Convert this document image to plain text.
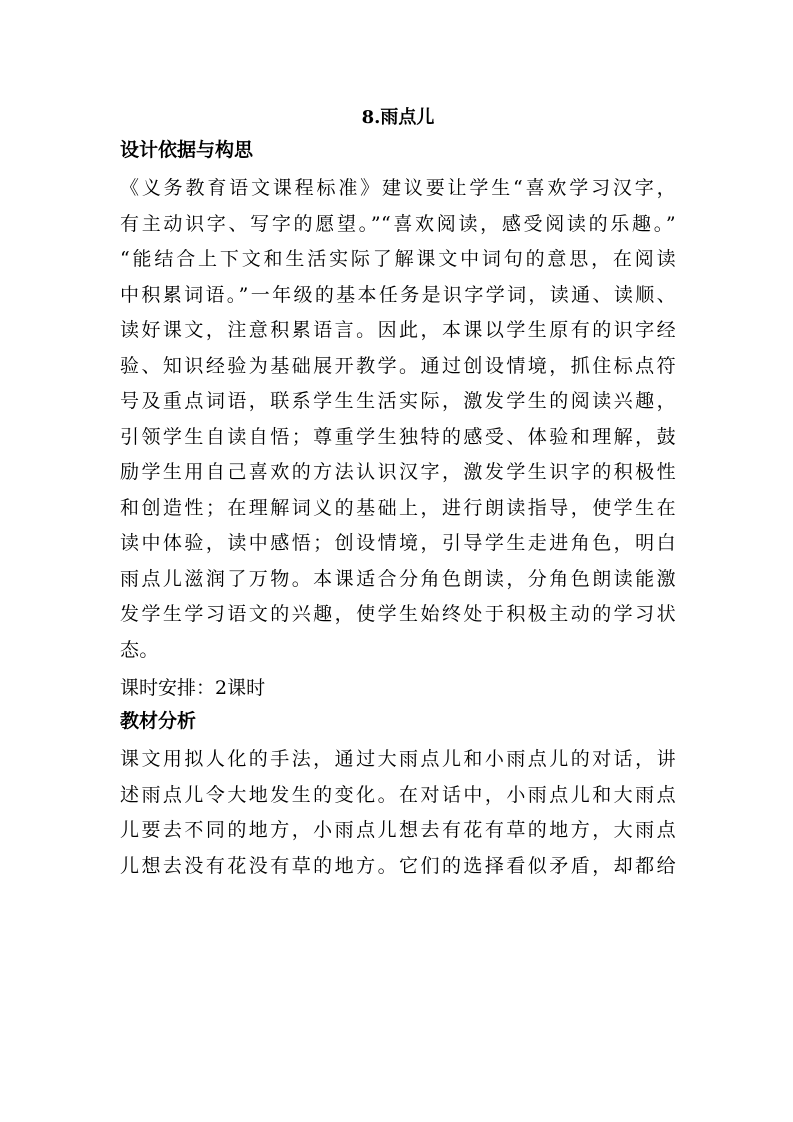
8.雨点儿
设计依据与构思

《义务教育语文课程标准》建议要让学生“喜欢学习汉字，
有主动识字、写字的愿望。”“喜欢阅读，感受阅读的乐趣。”
“能结合上下文和生活实际了解课文中词句的意思，在阅读
中积累词语。”一年级的基本任务是识字学词，读通、读顺、
读好课文，注意积累语言。因此，本课以学生原有的识字经
验、知识经验为基础展开教学。通过创设情境，抓住标点符
号及重点词语，联系学生生活实际，激发学生的阅读兴趣，
引领学生自读自悟；尊重学生独特的感受、体验和理解，鼓
励学生用自己喜欢的方法认识汉字，激发学生识字的积极性
和创造性；在理解词义的基础上，进行朗读指导，使学生在
读中体验，读中感悟；创设情境，引导学生走进角色，明白
雨点儿滋润了万物。本课适合分角色朗读，分角色朗读能激
发学生学习语文的兴趣，使学生始终处于积极主动的学习状
态。

课时安排：2课时

教材分析

课文用拟人化的手法，通过大雨点儿和小雨点儿的对话，讲
述雨点儿令大地发生的变化。在对话中，小雨点儿和大雨点
儿要去不同的地方，小雨点儿想去有花有草的地方，大雨点
儿想去没有花没有草的地方。它们的选择看似矛盾，却都给
